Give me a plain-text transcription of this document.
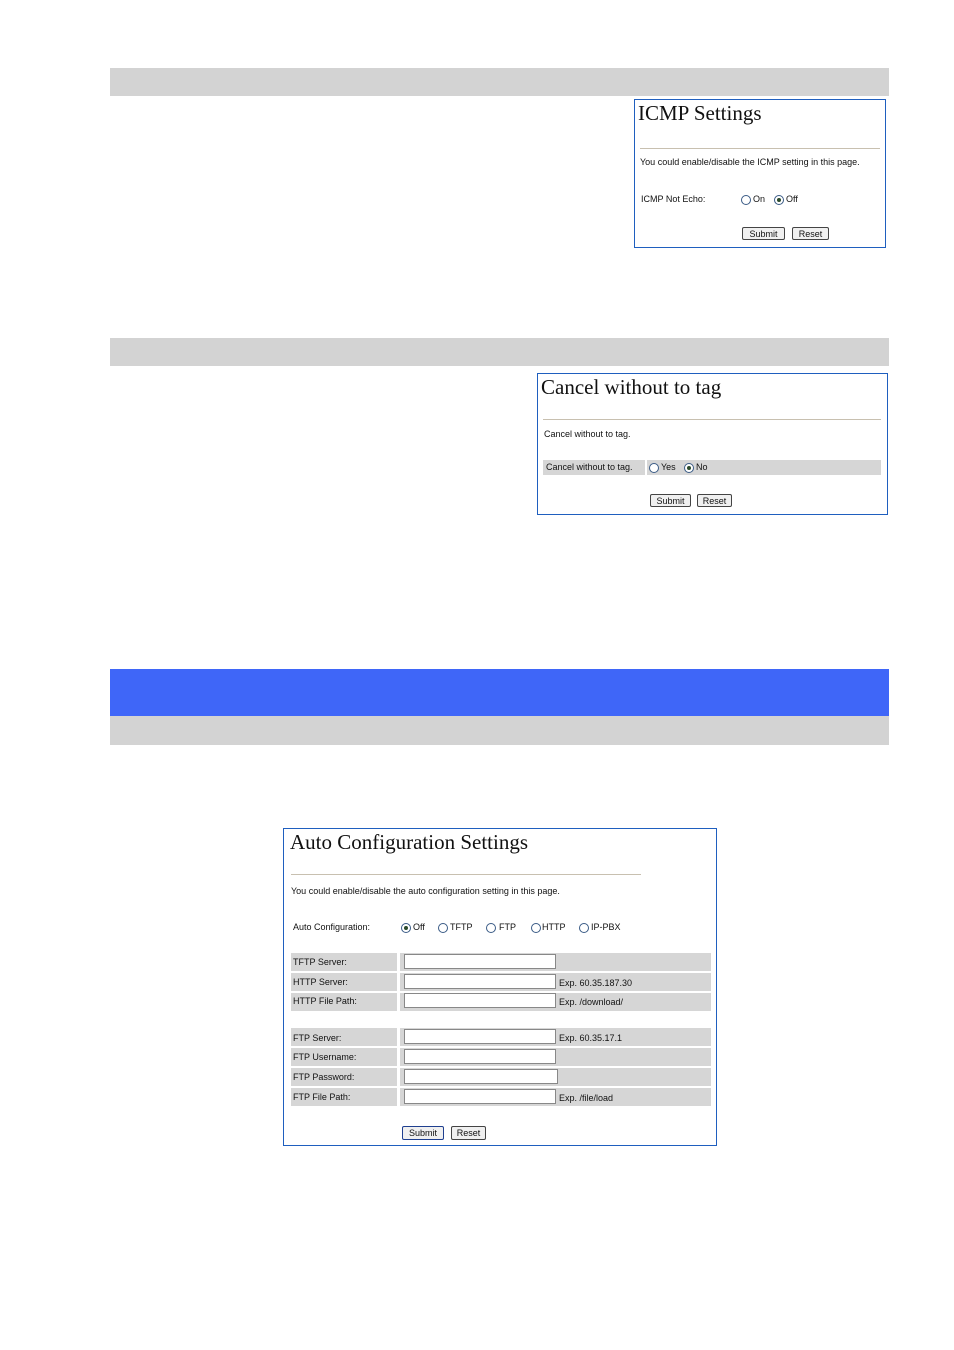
ICMP Settings
You could enable/disable the ICMP setting in this page.
ICMP Not Echo:	On Off
Submit	Reset
Cancel without to tag
Cancel without to tag.
Cancel without to tag.	Yes No
Submit	Reset
Auto Configuration Settings
You could enable/disable the auto configuration setting in this page.
Auto Configuration:	Off	TFTP	FTP	HTTP	IP-PBX
TFTP Server:
HTTP Server:	Exp. 60.35.187.30
HTTP File Path:	Exp. /download/
FTP Server:	Exp. 60.35.17.1
FTP Username:
FTP Password:
FTP File Path:	Exp. /file/load
Submit	Reset
